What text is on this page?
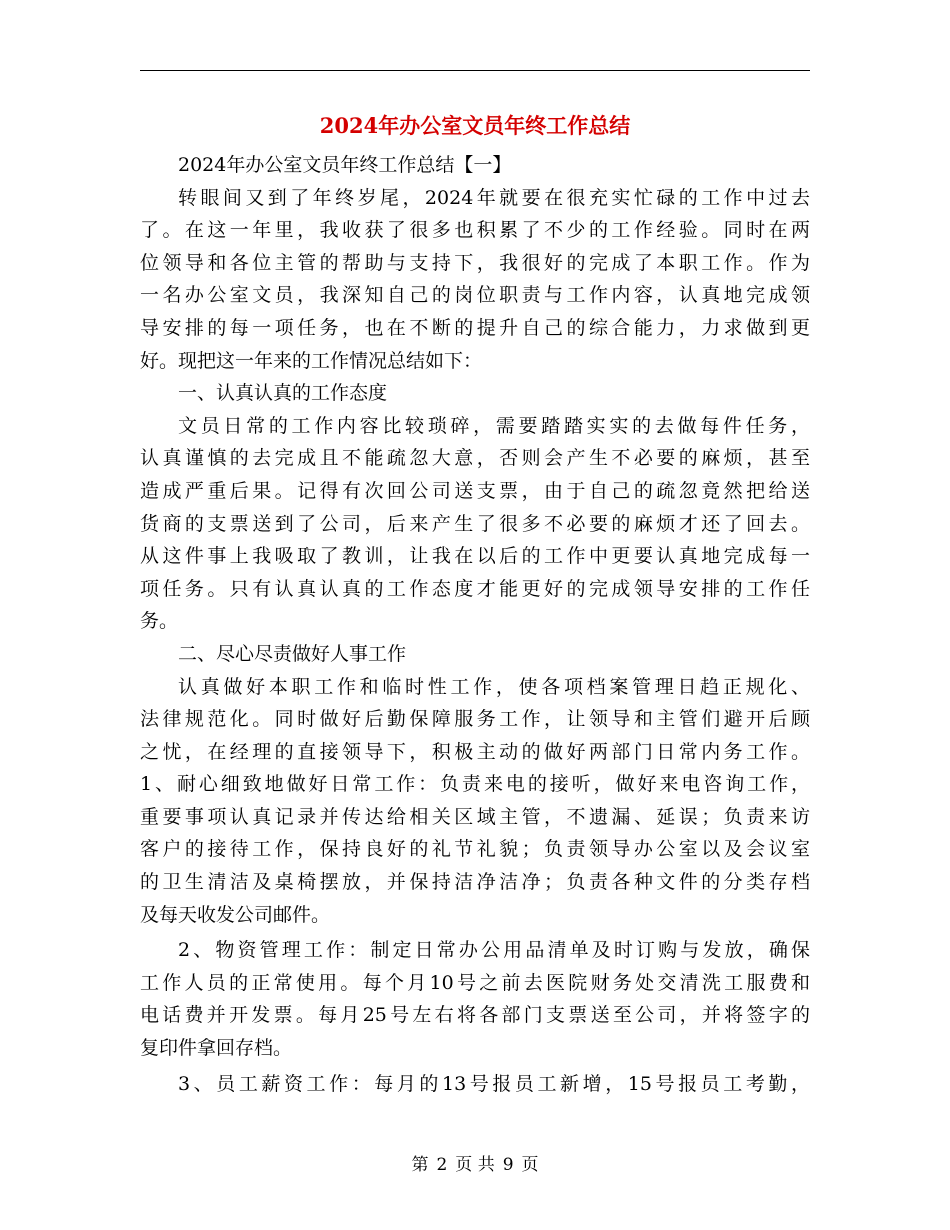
2024年办公室文员年终工作总结
2024年办公室文员年终工作总结【一】
转眼间又到了年终岁尾，2024年就要在很充实忙碌的工作中过去
了。在这一年里，我收获了很多也积累了不少的工作经验。同时在两
位领导和各位主管的帮助与支持下，我很好的完成了本职工作。作为
一名办公室文员，我深知自己的岗位职责与工作内容，认真地完成领
导安排的每一项任务，也在不断的提升自己的综合能力，力求做到更
好。现把这一年来的工作情况总结如下：
一、认真认真的工作态度
文员日常的工作内容比较琐碎，需要踏踏实实的去做每件任务，
认真谨慎的去完成且不能疏忽大意，否则会产生不必要的麻烦，甚至
造成严重后果。记得有次回公司送支票，由于自己的疏忽竟然把给送
货商的支票送到了公司，后来产生了很多不必要的麻烦才还了回去。
从这件事上我吸取了教训，让我在以后的工作中更要认真地完成每一
项任务。只有认真认真的工作态度才能更好的完成领导安排的工作任
务。
二、尽心尽责做好人事工作
认真做好本职工作和临时性工作，使各项档案管理日趋正规化、
法律规范化。同时做好后勤保障服务工作，让领导和主管们避开后顾
之忧，在经理的直接领导下，积极主动的做好两部门日常内务工作。
1、耐心细致地做好日常工作：负责来电的接听，做好来电咨询工作，
重要事项认真记录并传达给相关区域主管，不遗漏、延误；负责来访
客户的接待工作，保持良好的礼节礼貌；负责领导办公室以及会议室
的卫生清洁及桌椅摆放，并保持洁净洁净；负责各种文件的分类存档
及每天收发公司邮件。
2、物资管理工作：制定日常办公用品清单及时订购与发放，确保
工作人员的正常使用。每个月10号之前去医院财务处交清洗工服费和
电话费并开发票。每月25号左右将各部门支票送至公司，并将签字的
复印件拿回存档。
3、员工薪资工作：每月的13号报员工新增，15号报员工考勤，
第 2 页 共 9 页
